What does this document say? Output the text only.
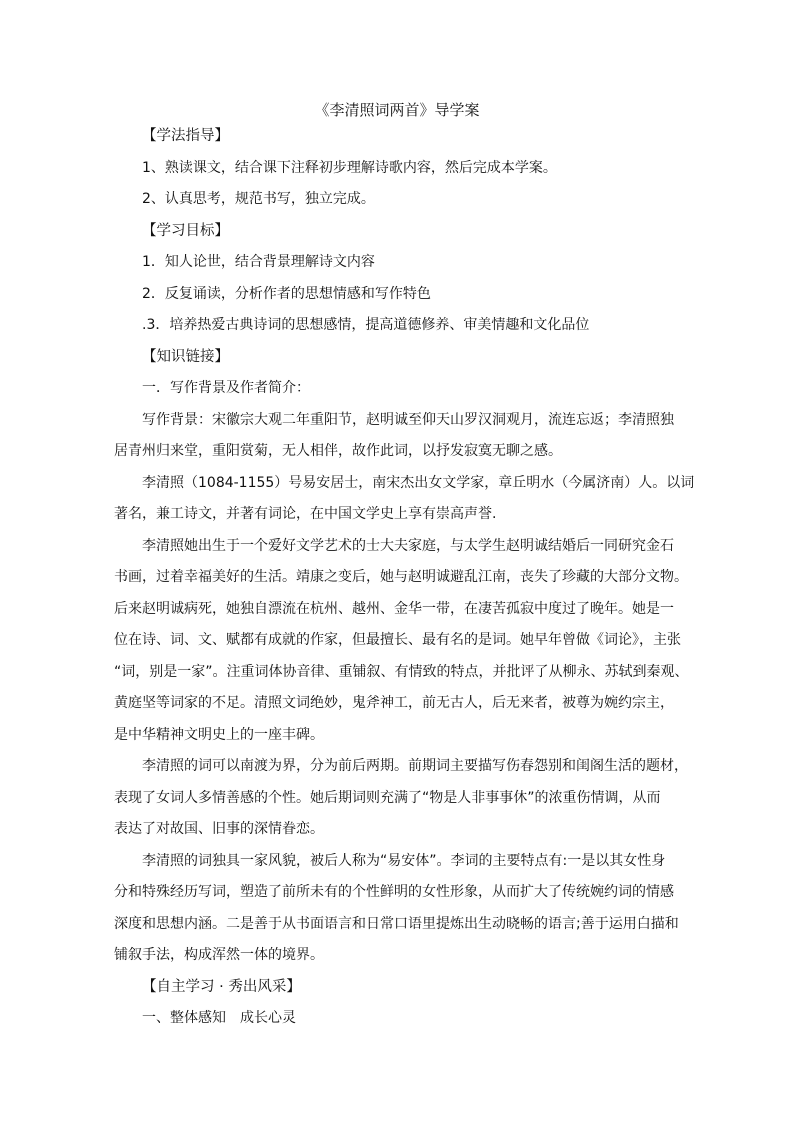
《李清照词两首》导学案
【学法指导】
1、熟读课文，结合课下注释初步理解诗歌内容，然后完成本学案。
2、认真思考，规范书写，独立完成。
【学习目标】
1．知人论世，结合背景理解诗文内容
2．反复诵读，分析作者的思想情感和写作特色
.3．培养热爱古典诗词的思想感情，提高道德修养、审美情趣和文化品位
【知识链接】
一．写作背景及作者简介：
写作背景：宋徽宗大观二年重阳节，赵明诚至仰天山罗汉洞观月，流连忘返；李清照独
居青州归来堂，重阳赏菊，无人相伴，故作此词，以抒发寂寞无聊之感。
李清照（1084-1155）号易安居士，南宋杰出女文学家，章丘明水（今属济南）人。以词
著名，兼工诗文，并著有词论，在中国文学史上享有崇高声誉.
李清照她出生于一个爱好文学艺术的士大夫家庭，与太学生赵明诚结婚后一同研究金石
书画，过着幸福美好的生活。靖康之变后，她与赵明诚避乱江南，丧失了珍藏的大部分文物。
后来赵明诚病死，她独自漂流在杭州、越州、金华一带，在凄苦孤寂中度过了晚年。她是一
位在诗、词、文、赋都有成就的作家，但最擅长、最有名的是词。她早年曾做《词论》，主张
“词，别是一家”。注重词体协音律、重铺叙、有情致的特点，并批评了从柳永、苏轼到秦观、
黄庭坚等词家的不足。清照文词绝妙，鬼斧神工，前无古人，后无来者，被尊为婉约宗主，
是中华精神文明史上的一座丰碑。
李清照的词可以南渡为界，分为前后两期。前期词主要描写伤春怨别和闺阁生活的题材，
表现了女词人多情善感的个性。她后期词则充满了“物是人非事事休”的浓重伤情调，从而
表达了对故国、旧事的深情眷恋。
李清照的词独具一家风貌，被后人称为“易安体”。李词的主要特点有:一是以其女性身
分和特殊经历写词，塑造了前所未有的个性鲜明的女性形象，从而扩大了传统婉约词的情感
深度和思想内涵。二是善于从书面语言和日常口语里提炼出生动晓畅的语言;善于运用白描和
铺叙手法，构成浑然一体的境界。
【自主学习 · 秀出风采】
一、整体感知　成长心灵
